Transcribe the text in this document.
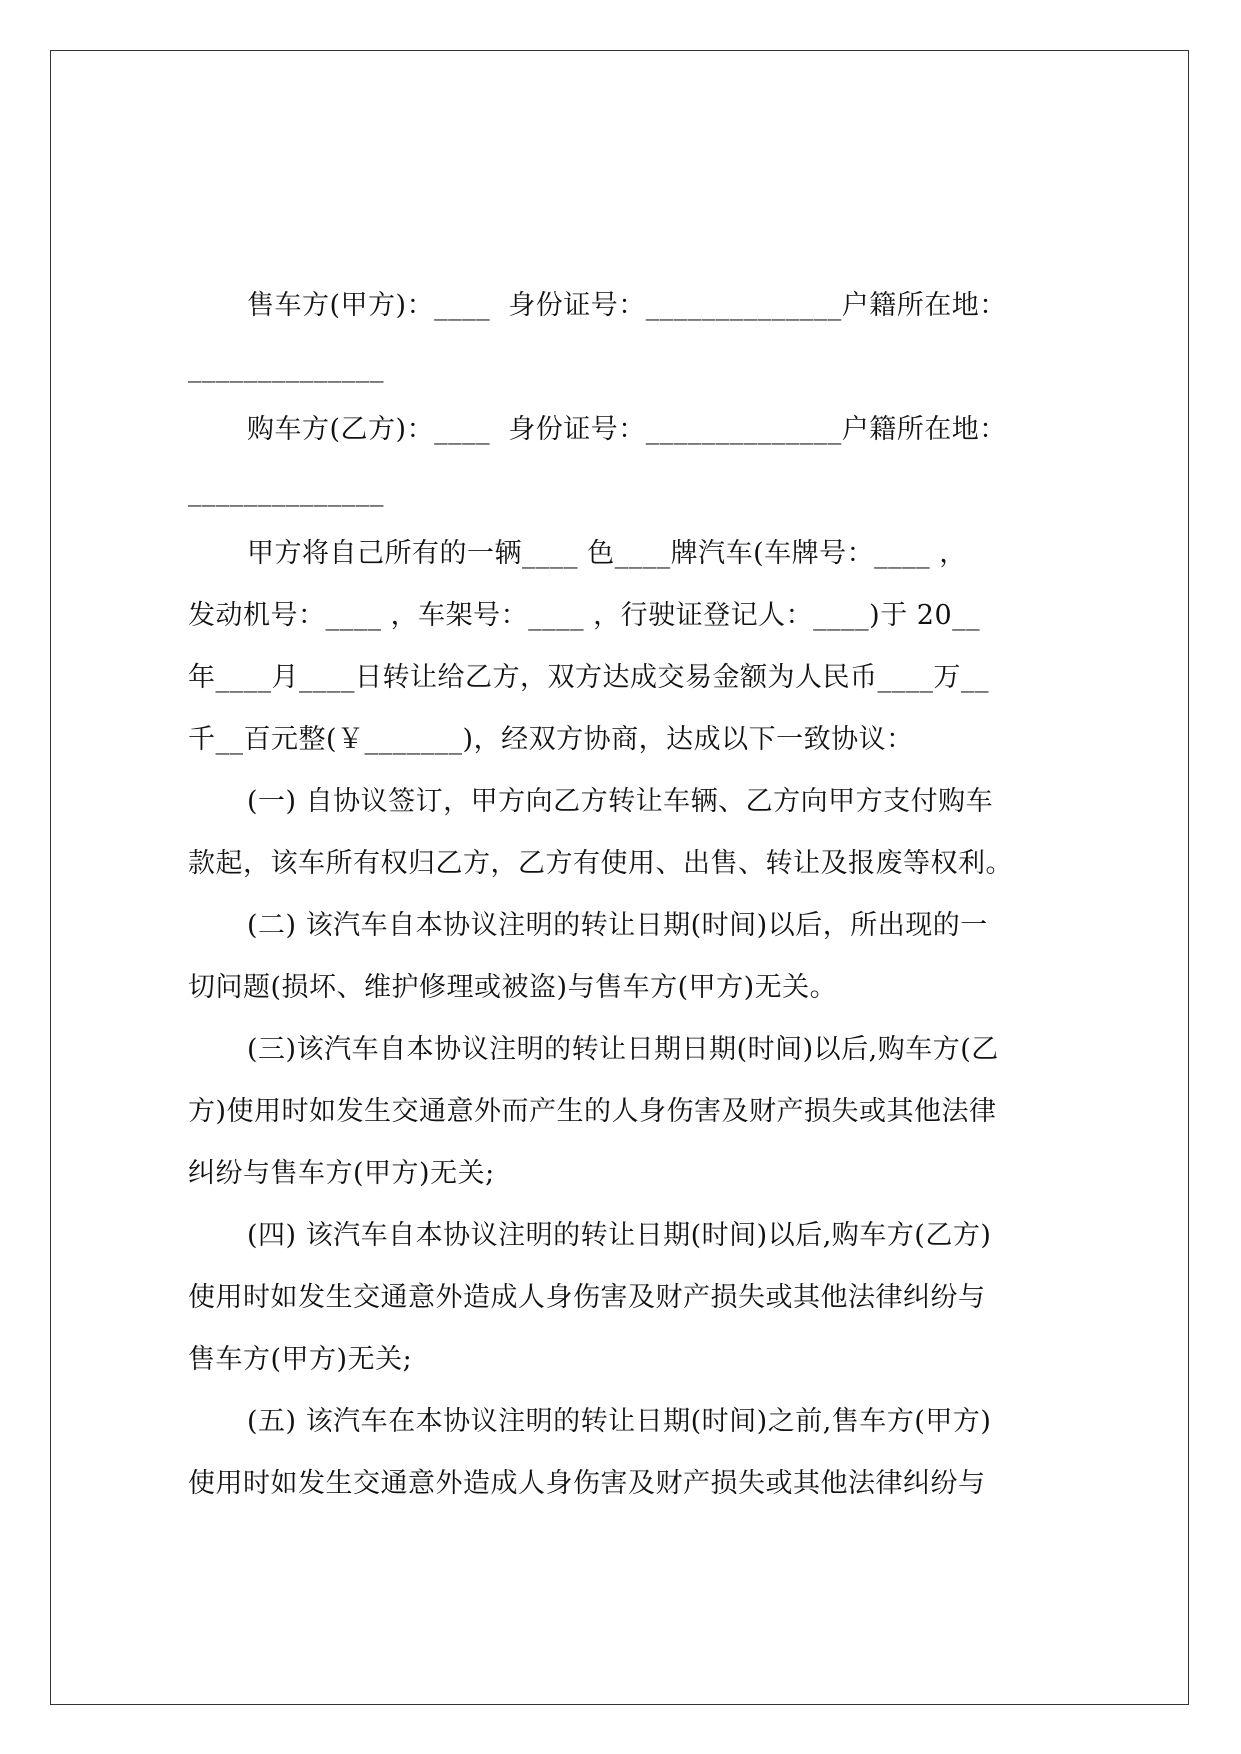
售车方(甲方)：____  身份证号：______________户籍所在地：
______________
购车方(乙方)：____  身份证号：______________户籍所在地：
______________
甲方将自己所有的一辆____ 色____牌汽车(车牌号：____ ，
发动机号：____ ，车架号：____ ，行驶证登记人：____)于 20__
年____月____日转让给乙方，双方达成交易金额为人民币____万__
千__百元整(￥_______)，经双方协商，达成以下一致协议：
(一) 自协议签订，甲方向乙方转让车辆、乙方向甲方支付购车
款起，该车所有权归乙方，乙方有使用、出售、转让及报废等权利。
(二) 该汽车自本协议注明的转让日期(时间)以后，所出现的一
切问题(损坏、维护修理或被盗)与售车方(甲方)无关。
(三)该汽车自本协议注明的转让日期日期(时间)以后,购车方(乙
方)使用时如发生交通意外而产生的人身伤害及财产损失或其他法律
纠纷与售车方(甲方)无关;
(四) 该汽车自本协议注明的转让日期(时间)以后,购车方(乙方)
使用时如发生交通意外造成人身伤害及财产损失或其他法律纠纷与
售车方(甲方)无关;
(五) 该汽车在本协议注明的转让日期(时间)之前,售车方(甲方)
使用时如发生交通意外造成人身伤害及财产损失或其他法律纠纷与
